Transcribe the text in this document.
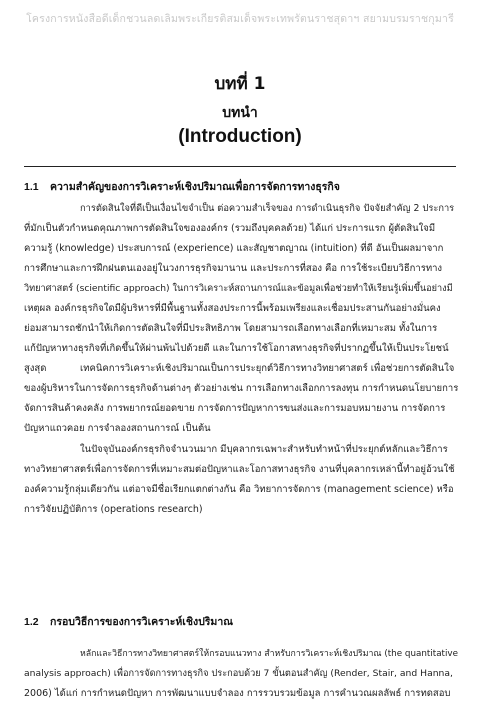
โครงการหนังสือดีเด็กชวนลดเลิมพระเกียรติสมเด็จพระเทพรัตนราชสุดาฯ สยามบรมราชกุมารี
บทที่ 1
บทนำ
(Introduction)
1.1 ความสำคัญของการวิเคราะห์เชิงปริมาณเพื่อการจัดการทางธุรกิจ
การตัดสินใจที่ดีเป็นเงื่อนไขจำเป็น ต่อความสำเร็จของ การดำเนินธุรกิจ ปัจจัยสำคัญ 2 ประการ
ที่มักเป็นตัวกำหนดคุณภาพการตัดสินใจขององค์กร (รวมถึงบุคคลด้วย) ได้แก่ ประการแรก ผู้ตัดสินใจมี
ความรู้ (knowledge) ประสบการณ์ (experience) และสัญชาตญาณ (intuition) ที่ดี อันเป็นผลมาจาก
การศึกษาและการฝึกฝนตนเองอยู่ในวงการธุรกิจมานาน และประการที่สอง คือ การใช้ระเบียบวิธีการทาง
วิทยาศาสตร์ (scientific approach) ในการวิเคราะห์สถานการณ์และข้อมูลเพื่อช่วยทำให้เรียนรู้เพิ่มขึ้นอย่างมี
เหตุผล องค์กรธุรกิจใดมีผู้บริหารที่มีพื้นฐานทั้งสองประการนี้พร้อมเพรียงและเชื่อมประสานกันอย่างมั่นคง
ย่อมสามารถชักนำให้เกิดการตัดสินใจที่มีประสิทธิภาพ โดยสามารถเลือกทางเลือกที่เหมาะสม ทั้งในการ
แก้ปัญหาทางธุรกิจที่เกิดขึ้นให้ผ่านพ้นไปด้วยดี และในการใช้โอกาสทางธุรกิจที่ปรากฏขึ้นให้เป็นประโยชน์
สูงสุด	เทคนิคการวิเคราะห์เชิงปริมาณเป็นการประยุกต์วิธีการทางวิทยาศาสตร์ เพื่อช่วยการตัดสินใจ
ของผู้บริหารในการจัดการธุรกิจด้านต่างๆ ตัวอย่างเช่น การเลือกทางเลือกการลงทุน การกำหนดนโยบายการ
จัดการสินค้าคงคลัง การพยากรณ์ยอดขาย การจัดการปัญหาการขนส่งและการมอบหมายงาน การจัดการ
ปัญหาแถวคอย การจำลองสถานการณ์ เป็นต้น
ในปัจจุบันองค์กรธุรกิจจำนวนมาก มีบุคลากรเฉพาะสำหรับทำหน้าที่ประยุกต์หลักและวิธีการ
ทางวิทยาศาสตร์เพื่อการจัดการที่เหมาะสมต่อปัญหาและโอกาสทางธุรกิจ งานที่บุคลากรเหล่านี้ทำอยู่อ้วนใช้
องค์ความรู้กลุ่มเดียวกัน แต่อาจมีชื่อเรียกแตกต่างกัน คือ วิทยาการจัดการ (management science) หรือ
การวิจัยปฏิบัติการ (operations research)
1.2 กรอบวิธีการของการวิเคราะห์เชิงปริมาณ
หลักและวิธีการทางวิทยาศาสตร์ให้กรอบแนวทาง สำหรับการวิเคราะห์เชิงปริมาณ (the quantitative
analysis approach) เพื่อการจัดการทางธุรกิจ ประกอบด้วย 7 ขั้นตอนสำคัญ (Render, Stair, and Hanna,
2006) ได้แก่ การกำหนดปัญหา การพัฒนาแบบจำลอง การรวบรวมข้อมูล การคำนวณผลลัพธ์ การทดสอบ
